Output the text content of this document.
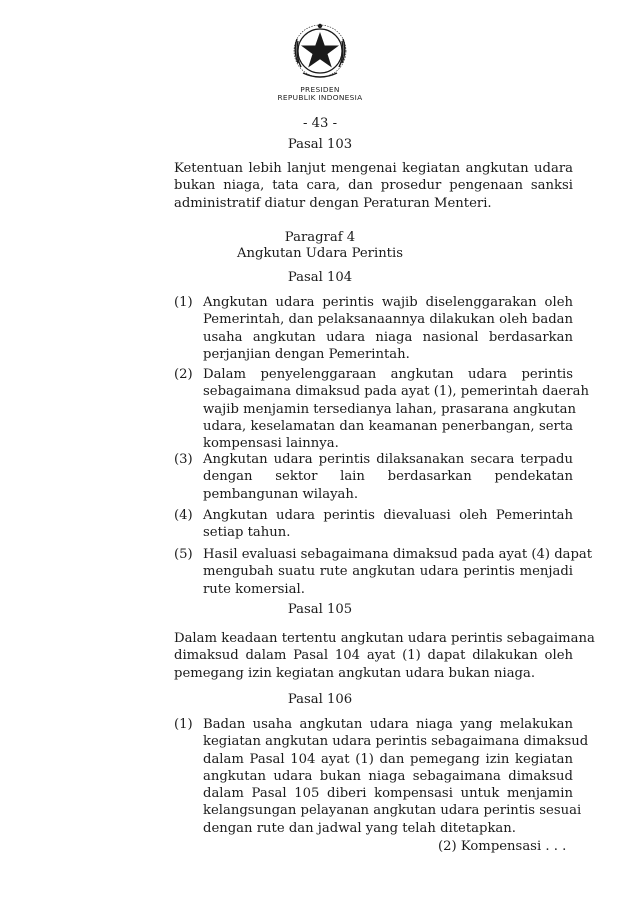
PRESIDEN
REPUBLIK INDONESIA
- 43 -
Pasal 103
Ketentuan lebih lanjut mengenai kegiatan angkutan udara
bukan niaga, tata cara, dan prosedur pengenaan sanksi
administratif diatur dengan Peraturan Menteri.
Paragraf 4
Angkutan Udara Perintis
Pasal 104
(1) Angkutan udara perintis wajib diselenggarakan oleh
Pemerintah, dan pelaksanaannya dilakukan oleh badan
usaha angkutan udara niaga nasional berdasarkan
perjanjian dengan Pemerintah.
(2) Dalam penyelenggaraan angkutan udara perintis
sebagaimana dimaksud pada ayat (1), pemerintah daerah
wajib menjamin tersedianya lahan, prasarana angkutan
udara, keselamatan dan keamanan penerbangan, serta
kompensasi lainnya.
(3) Angkutan udara perintis dilaksanakan secara terpadu
dengan sektor lain berdasarkan pendekatan
pembangunan wilayah.
(4) Angkutan udara perintis dievaluasi oleh Pemerintah
setiap tahun.
(5) Hasil evaluasi sebagaimana dimaksud pada ayat (4) dapat
mengubah suatu rute angkutan udara perintis menjadi
rute komersial.
Pasal 105
Dalam keadaan tertentu angkutan udara perintis sebagaimana
dimaksud dalam Pasal 104 ayat (1) dapat dilakukan oleh
pemegang izin kegiatan angkutan udara bukan niaga.
Pasal 106
(1) Badan usaha angkutan udara niaga yang melakukan
kegiatan angkutan udara perintis sebagaimana dimaksud
dalam Pasal 104 ayat (1) dan pemegang izin kegiatan
angkutan udara bukan niaga sebagaimana dimaksud
dalam Pasal 105 diberi kompensasi untuk menjamin
kelangsungan pelayanan angkutan udara perintis sesuai
dengan rute dan jadwal yang telah ditetapkan.
(2) Kompensasi . . .
